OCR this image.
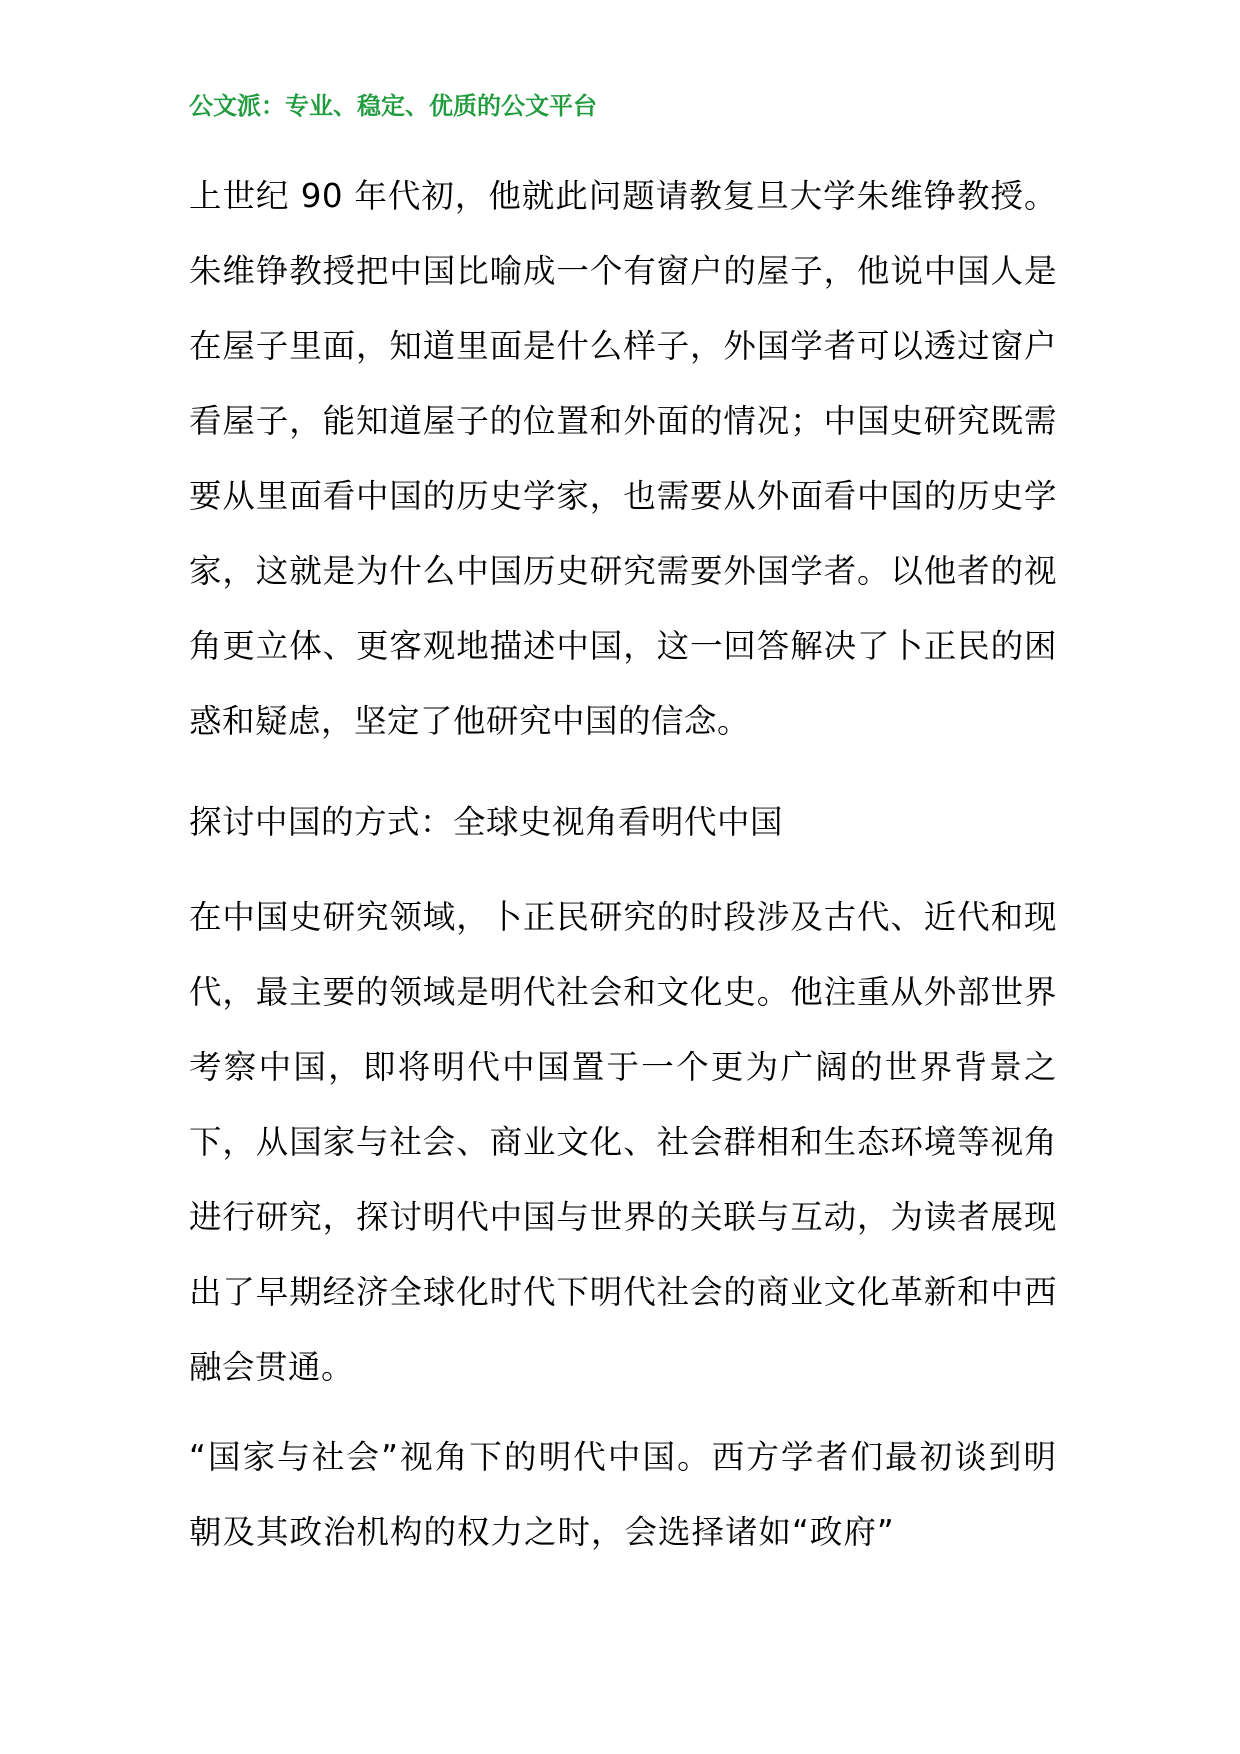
公文派：专业、稳定、优质的公文平台

上世纪 90 年代初，他就此问题请教复旦大学朱维铮教授。朱维铮教授把中国比喻成一个有窗户的屋子，他说中国人是在屋子里面，知道里面是什么样子，外国学者可以透过窗户看屋子，能知道屋子的位置和外面的情况；中国史研究既需要从里面看中国的历史学家，也需要从外面看中国的历史学家，这就是为什么中国历史研究需要外国学者。以他者的视角更立体、更客观地描述中国，这一回答解决了卜正民的困惑和疑虑，坚定了他研究中国的信念。

探讨中国的方式：全球史视角看明代中国

在中国史研究领域，卜正民研究的时段涉及古代、近代和现代，最主要的领域是明代社会和文化史。他注重从外部世界考察中国，即将明代中国置于一个更为广阔的世界背景之下，从国家与社会、商业文化、社会群相和生态环境等视角进行研究，探讨明代中国与世界的关联与互动，为读者展现出了早期经济全球化时代下明代社会的商业文化革新和中西融会贯通。

“国家与社会”视角下的明代中国。西方学者们最初谈到明朝及其政治机构的权力之时，会选择诸如“政府”
